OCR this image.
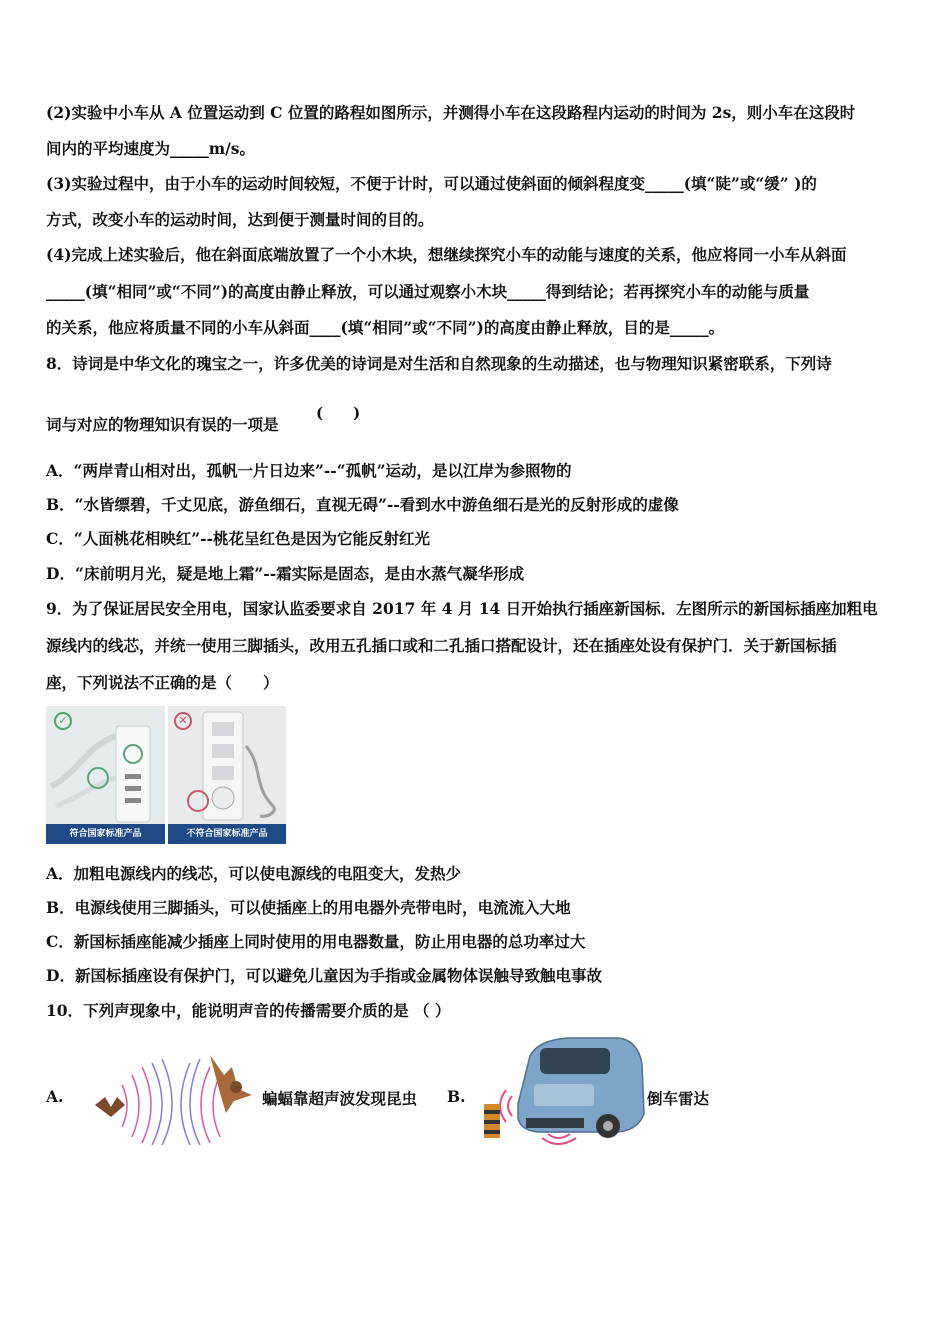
(2)实验中小车从 A 位置运动到 C 位置的路程如图所示，并测得小车在这段路程内运动的时间为 2s，则小车在这段时
间内的平均速度为_____m/s。
(3)实验过程中，由于小车的运动时间较短，不便于计时，可以通过使斜面的倾斜程度变_____(填“陡”或“缓” )的
方式，改变小车的运动时间，达到便于测量时间的目的。
(4)完成上述实验后，他在斜面底端放置了一个小木块，想继续探究小车的动能与速度的关系，他应将同一小车从斜面
_____(填“相同”或“不同”)的高度由静止释放，可以通过观察小木块_____得到结论；若再探究小车的动能与质量
的关系，他应将质量不同的小车从斜面____(填“相同”或“不同”)的高度由静止释放，目的是_____。
8．诗词是中华文化的瑰宝之一，许多优美的诗词是对生活和自然现象的生动描述，也与物理知识紧密联系，下列诗
词与对应的物理知识有误的一项是
(　　)
A．“两岸青山相对出，孤帆一片日边来”--“孤帆”运动，是以江岸为参照物的
B．“水皆缥碧，千丈见底，游鱼细石，直视无碍”--看到水中游鱼细石是光的反射形成的虚像
C．“人面桃花相映红”--桃花呈红色是因为它能反射红光
D．“床前明月光，疑是地上霜”--霜实际是固态，是由水蒸气凝华形成
9．为了保证居民安全用电，国家认监委要求自 2017 年 4 月 14 日开始执行插座新国标．左图所示的新国标插座加粗电
源线内的线芯，并统一使用三脚插头，改用五孔插口或和二孔插口搭配设计，还在插座处设有保护门．关于新国标插
座，下列说法不正确的是（　　）
✓
符合国家标准产品
✕
不符合国家标准产品
A．加粗电源线内的线芯，可以使电源线的电阻变大，发热少
B．电源线使用三脚插头，可以使插座上的用电器外壳带电时，电流流入大地
C．新国标插座能减少插座上同时使用的用电器数量，防止用电器的总功率过大
D．新国标插座设有保护门，可以避免儿童因为手指或金属物体误触导致触电事故
10．下列声现象中，能说明声音的传播需要介质的是 （ ）
A.	蝙蝠靠超声波发现昆虫 B.	倒车雷达
